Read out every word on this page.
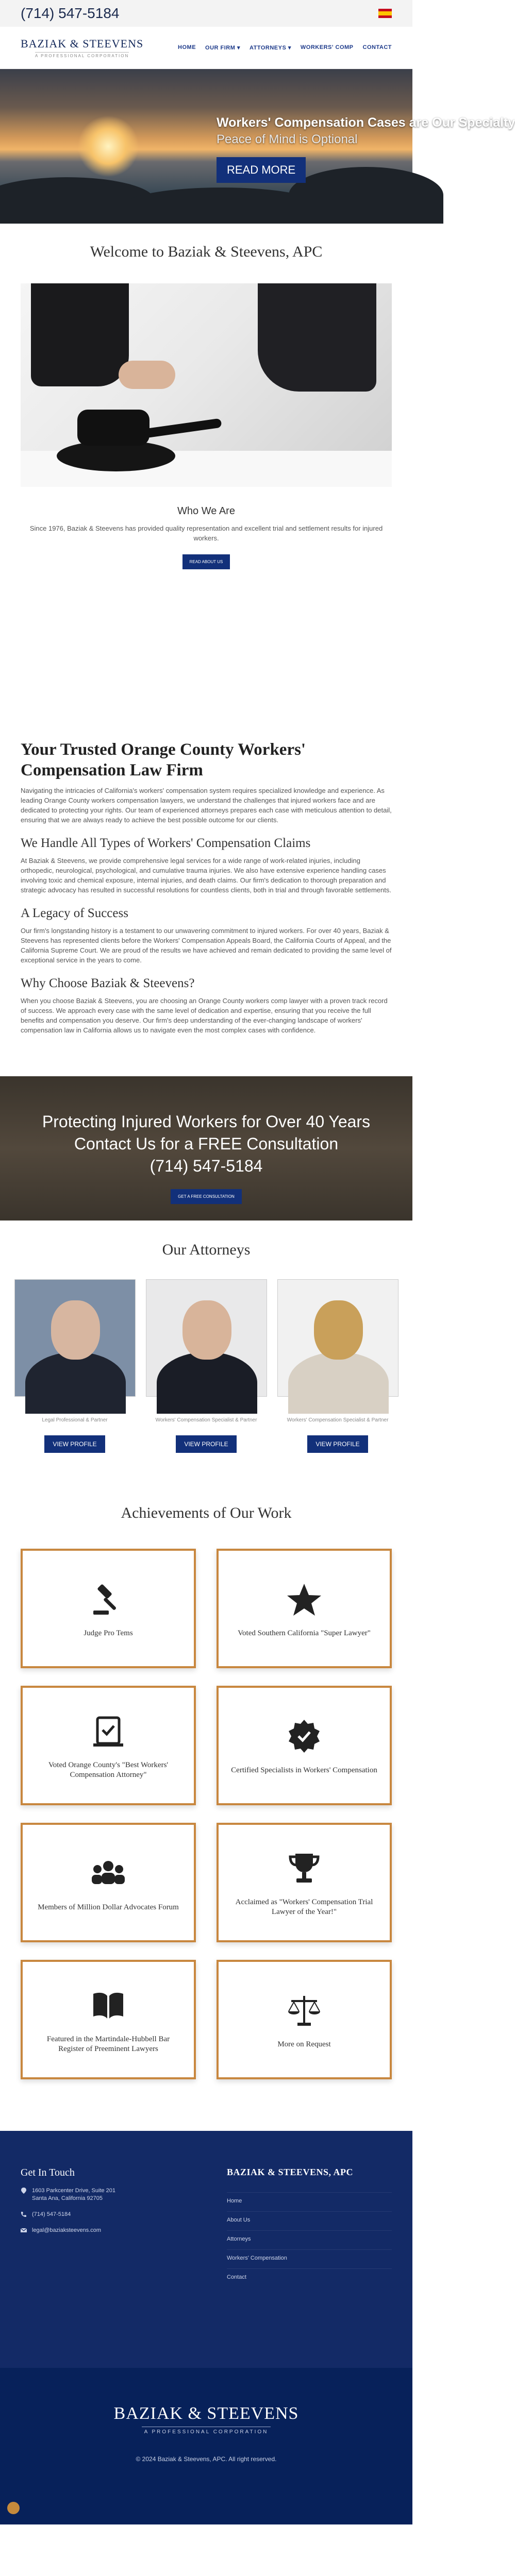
(714) 547-5184
BAZIAK & STEEVENS
A PROFESSIONAL CORPORATION
HOME OUR FIRM ▾ ATTORNEYS ▾ WORKERS' COMP CONTACT
Workers' Compensation Cases are Our Specialty
Peace of Mind is Optional
READ MORE
Welcome to Baziak & Steevens, APC
Who We Are
Since 1976, Baziak & Steevens has provided quality representation and excellent trial and settlement results for injured workers.
READ ABOUT US
Your Trusted Orange County Workers' Compensation Law Firm

Navigating the intricacies of California's workers' compensation system requires specialized knowledge and experience. As leading Orange County workers compensation lawyers, we understand the challenges that injured workers face and are dedicated to protecting your rights. Our team of experienced attorneys prepares each case with meticulous attention to detail, ensuring that we are always ready to achieve the best possible outcome for our clients.

We Handle All Types of Workers' Compensation Claims

At Baziak & Steevens, we provide comprehensive legal services for a wide range of work-related injuries, including orthopedic, neurological, psychological, and cumulative trauma injuries. We also have extensive experience handling cases involving toxic and chemical exposure, internal injuries, and death claims. Our firm's dedication to thorough preparation and strategic advocacy has resulted in successful resolutions for countless clients, both in trial and through favorable settlements.

A Legacy of Success

Our firm's longstanding history is a testament to our unwavering commitment to injured workers. For over 40 years, Baziak & Steevens has represented clients before the Workers' Compensation Appeals Board, the California Courts of Appeal, and the California Supreme Court. We are proud of the results we have achieved and remain dedicated to providing the same level of exceptional service in the years to come.

Why Choose Baziak & Steevens?

When you choose Baziak & Steevens, you are choosing an Orange County workers comp lawyer with a proven track record of success. We approach every case with the same level of dedication and expertise, ensuring that you receive the full benefits and compensation you deserve. Our firm's deep understanding of the ever-changing landscape of workers' compensation law in California allows us to navigate even the most complex cases with confidence.

Protecting Injured Workers for Over 40 Years
Contact Us for a FREE Consultation
(714) 547-5184
GET A FREE CONSULTATION
Our Attorneys
Legal Professional & Partner
VIEW PROFILE
Workers' Compensation Specialist & Partner
VIEW PROFILE
Workers' Compensation Specialist & Partner
VIEW PROFILE
Achievements of Our Work
Judge Pro Tems	Voted Southern California "Super Lawyer"
Voted Orange County's "Best Workers' Compensation Attorney"
Certified Specialists in Workers' Compensation
Members of Million Dollar Advocates Forum
Acclaimed as "Workers' Compensation Trial Lawyer of the Year!"
Featured in the Martindale-Hubbell Bar Register of Preeminent Lawyers
More on Request
Get In Touch
1603 Parkcenter Drive, Suite 201
Santa Ana, California 92705
(714) 547-5184
legal@baziaksteevens.com
BAZIAK & STEEVENS, APC
Home
About Us
Attorneys
Workers' Compensation
Contact
BAZIAK & STEEVENS
A PROFESSIONAL CORPORATION
© 2024 Baziak & Steevens, APC. All right reserved.
